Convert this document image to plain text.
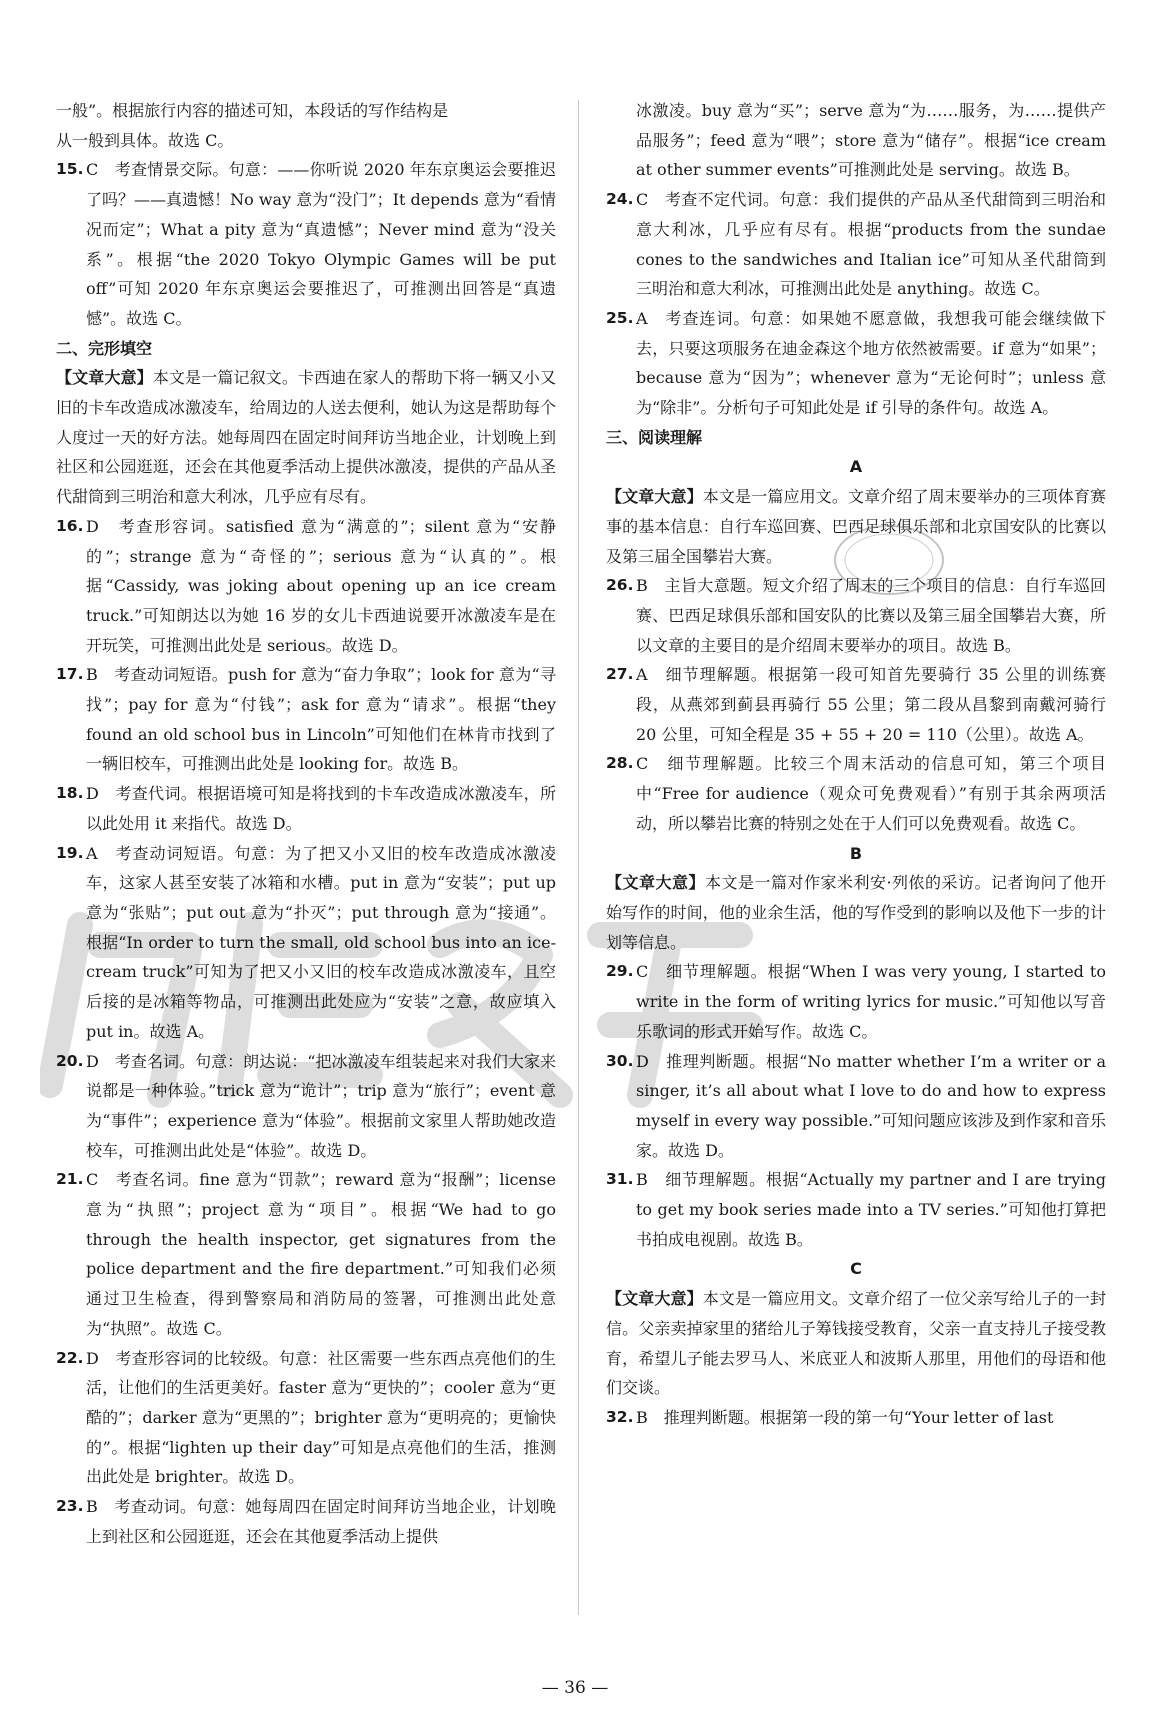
一般”。根据旅行内容的描述可知，本段话的写作结构是

从一般到具体。故选 C。

15. C　考查情景交际。句意：——你听说 2020 年东京奥运会要推迟了吗？——真遗憾！No way 意为“没门”；It depends 意为“看情况而定”；What a pity 意为“真遗憾”；Never mind 意为“没关系”。根据“the 2020 Tokyo Olympic Games will be put off”可知 2020 年东京奥运会要推迟了，可推测出回答是“真遗憾”。故选 C。

二、完形填空

【文章大意】本文是一篇记叙文。卡西迪在家人的帮助下将一辆又小又旧的卡车改造成冰激凌车，给周边的人送去便利，她认为这是帮助每个人度过一天的好方法。她每周四在固定时间拜访当地企业，计划晚上到社区和公园逛逛，还会在其他夏季活动上提供冰激凌，提供的产品从圣代甜筒到三明治和意大利冰，几乎应有尽有。

16. D　考查形容词。satisfied 意为“满意的”；silent 意为“安静的”；strange 意为“奇怪的”；serious 意为“认真的”。根据“Cassidy, was joking about opening up an ice cream truck.”可知朗达以为她 16 岁的女儿卡西迪说要开冰激凌车是在开玩笑，可推测出此处是 serious。故选 D。
17. B　考查动词短语。push for 意为“奋力争取”；look for 意为“寻找”；pay for 意为“付钱”；ask for 意为“请求”。根据“they found an old school bus in Lincoln”可知他们在林肯市找到了一辆旧校车，可推测出此处是 looking for。故选 B。
18. D　考查代词。根据语境可知是将找到的卡车改造成冰激凌车，所以此处用 it 来指代。故选 D。
19. A　考查动词短语。句意：为了把又小又旧的校车改造成冰激凌车，这家人甚至安装了冰箱和水槽。put in 意为“安装”；put up 意为“张贴”；put out 意为“扑灭”；put through 意为“接通”。根据“In order to turn the small, old school bus into an ice-cream truck”可知为了把又小又旧的校车改造成冰激凌车，且空后接的是冰箱等物品，可推测出此处应为“安装”之意，故应填入 put in。故选 A。
20. D　考查名词。句意：朗达说：“把冰激凌车组装起来对我们大家来说都是一种体验。”trick 意为“诡计”；trip 意为“旅行”；event 意为“事件”；experience 意为“体验”。根据前文家里人帮助她改造校车，可推测出此处是“体验”。故选 D。
21. C　考查名词。fine 意为“罚款”；reward 意为“报酬”；license 意为“执照”；project 意为“项目”。根据“We had to go through the health inspector, get signatures from the police department and the fire department.”可知我们必须通过卫生检查，得到警察局和消防局的签署，可推测出此处意为“执照”。故选 C。
22. D　考查形容词的比较级。句意：社区需要一些东西点亮他们的生活，让他们的生活更美好。faster 意为“更快的”；cooler 意为“更酷的”；darker 意为“更黑的”；brighter 意为“更明亮的；更愉快的”。根据“lighten up their day”可知是点亮他们的生活，推测出此处是 brighter。故选 D。
23. B　考查动词。句意：她每周四在固定时间拜访当地企业，计划晚上到社区和公园逛逛，还会在其他夏季活动上提供

冰激凌。buy 意为“买”；serve 意为“为……服务，为……提供产品服务”；feed 意为“喂”；store 意为“储存”。根据“ice cream at other summer events”可推测此处是 serving。故选 B。

24. C　考查不定代词。句意：我们提供的产品从圣代甜筒到三明治和意大利冰，几乎应有尽有。根据“products from the sundae cones to the sandwiches and Italian ice”可知从圣代甜筒到三明治和意大利冰，可推测出此处是 anything。故选 C。
25. A　考查连词。句意：如果她不愿意做，我想我可能会继续做下去，只要这项服务在迪金森这个地方依然被需要。if 意为“如果”；because 意为“因为”；whenever 意为“无论何时”；unless 意为“除非”。分析句子可知此处是 if 引导的条件句。故选 A。

三、阅读理解

A

【文章大意】本文是一篇应用文。文章介绍了周末要举办的三项体育赛事的基本信息：自行车巡回赛、巴西足球俱乐部和北京国安队的比赛以及第三届全国攀岩大赛。

26. B　主旨大意题。短文介绍了周末的三个项目的信息：自行车巡回赛、巴西足球俱乐部和国安队的比赛以及第三届全国攀岩大赛，所以文章的主要目的是介绍周末要举办的项目。故选 B。
27. A　细节理解题。根据第一段可知首先要骑行 35 公里的训练赛段，从燕郊到蓟县再骑行 55 公里；第二段从昌黎到南戴河骑行 20 公里，可知全程是 35 + 55 + 20 = 110（公里）。故选 A。
28. C　细节理解题。比较三个周末活动的信息可知，第三个项目中“Free for audience（观众可免费观看）”有别于其余两项活动，所以攀岩比赛的特别之处在于人们可以免费观看。故选 C。

B

【文章大意】本文是一篇对作家米利安·列侬的采访。记者询问了他开始写作的时间，他的业余生活，他的写作受到的影响以及他下一步的计划等信息。

29. C　细节理解题。根据“When I was very young, I started to write in the form of writing lyrics for music.”可知他以写音乐歌词的形式开始写作。故选 C。
30. D　推理判断题。根据“No matter whether I’m a writer or a singer, it’s all about what I love to do and how to express myself in every way possible.”可知问题应该涉及到作家和音乐家。故选 D。
31. B　细节理解题。根据“Actually my partner and I are trying to get my book series made into a TV series.”可知他打算把书拍成电视剧。故选 B。

C

【文章大意】本文是一篇应用文。文章介绍了一位父亲写给儿子的一封信。父亲卖掉家里的猪给儿子筹钱接受教育，父亲一直支持儿子接受教育，希望儿子能去罗马人、米底亚人和波斯人那里，用他们的母语和他们交谈。

32. B　推理判断题。根据第一段的第一句“Your letter of last
— 36 —
